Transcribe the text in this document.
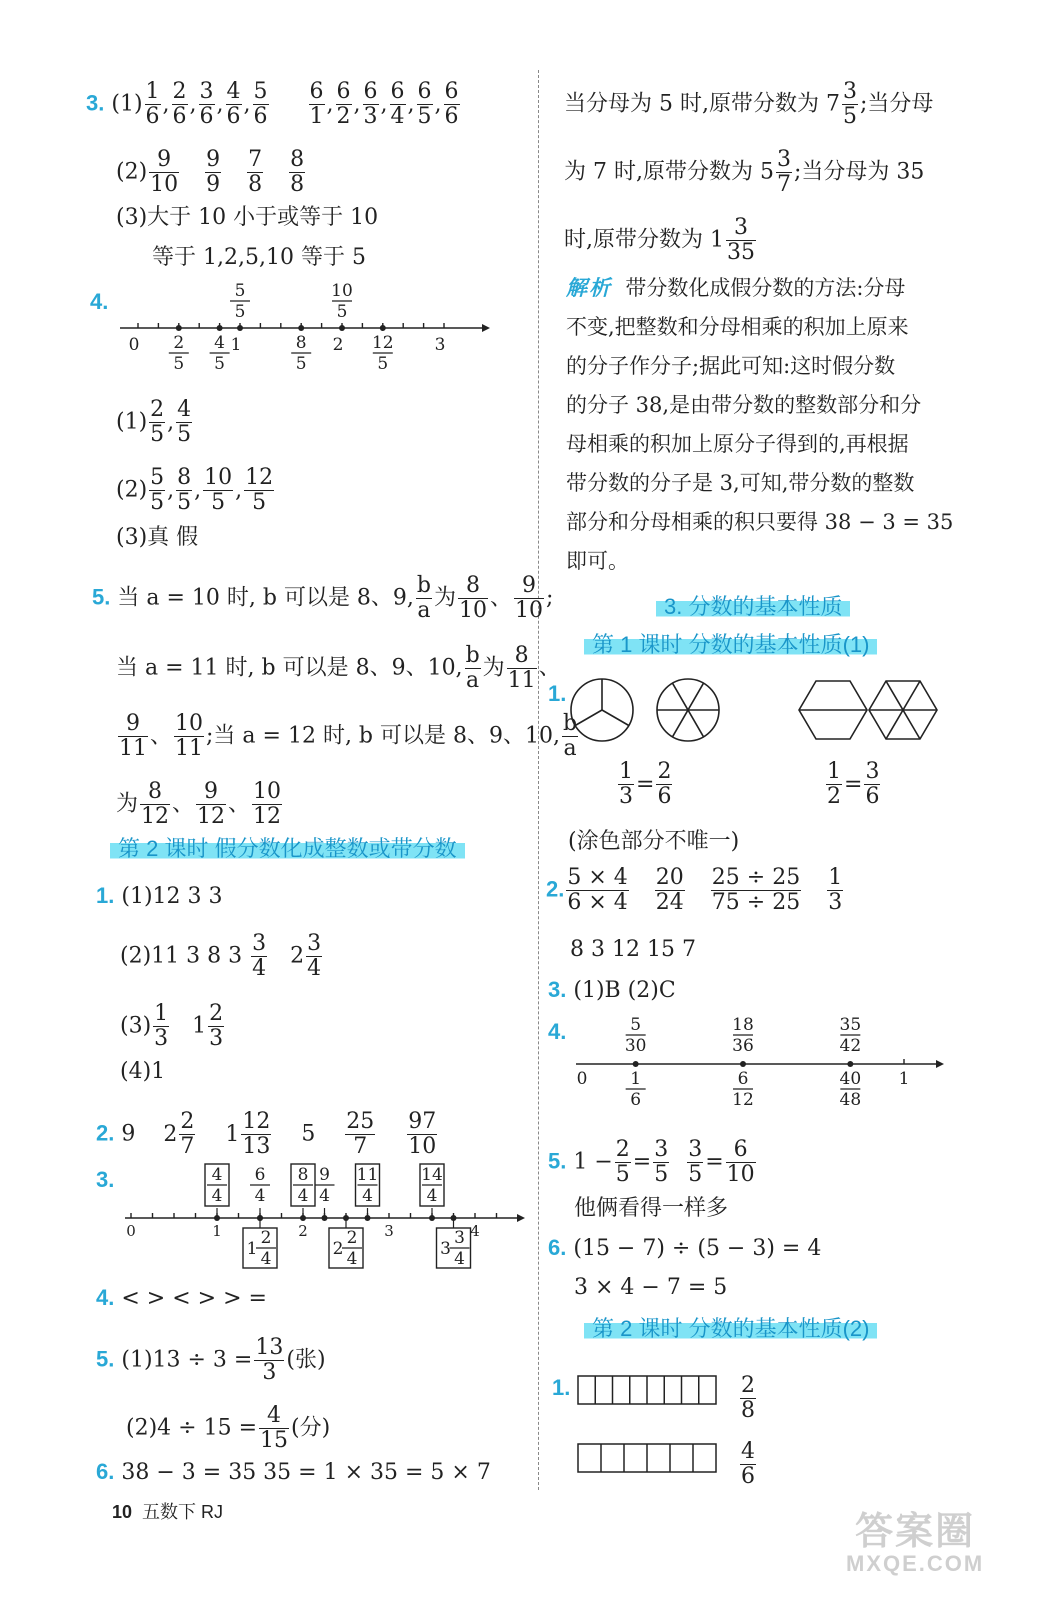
3. $(1) \frac{1}{6}$ , $\frac{2}{6}$ , $\frac{3}{6}$ , $\frac{4}{6}$ , $\frac{5}{6}$
$\frac{6}{1}$ , $\frac{6}{2}$ , $\frac{6}{3}$ , $\frac{6}{4}$ , $\frac{6}{5}$ , $\frac{6}{6}$
$(2) \frac{9}{10} \frac{9}{9} \frac{7}{8} \frac{8}{8}$
(3)大于 10 小于或等于 10
等于 1,2,5,10 等于 5
4.
0	1	2	3
5
5
10
5
2
5
4
5
8
5
12
5
$(1) \frac{2}{5}$ , $\frac{4}{5}$
$(2) \frac{5}{5}$ , $\frac{8}{5}$ , $\frac{10}{5}$ , $\frac{12}{5}$
(3)真 假
5. 当 a = 10 时, b 可以是 8、9, $\frac{b}{a}$ 为 $\frac{8}{10}$ 、 $\frac{9}{10}$ ;
当 a = 11 时, b 可以是 8、9、10, $\frac{b}{a}$ 为 $\frac{8}{11}$ 、
$\frac{9}{11}$ 、 $\frac{10}{11}$ ;当 a = 12 时, b 可以是 8、9、10, $\frac{b}{a}$
为 $\frac{8}{12}$ 、 $\frac{9}{12}$ 、 $\frac{10}{12}$
第 2 课时 假分数化成整数或带分数
1. (1)12 3 3
(2)11 3 8 $3 \frac{3}{4} 2 \frac{3}{4}$
$(3) \frac{1}{3} 1 \frac{2}{3}$
(4)1
2. 9 $2 \frac{2}{7} 1 \frac{12}{13} 5 \frac{25}{7}$
$\frac{97}{10}$
3.
0	1	2	3	4
4
4
6
4
8
4
9
4
11
4
14
4
1
2
4	2
2
4	3
3
4
4. < > < > > =
5. $(1)13 \div 3 = \frac{13}{3}$ (张)
$(2)4 \div 15 = \frac{4}{15}$ (分)
6. 38 − 3 = 35 35 = 1 × 35 = 5 × 7
10 五数下 RJ
当分母为 5 时,原带分数为 $7 \frac{3}{5}$ ;当分母
为 7 时,原带分数为 $5 \frac{3}{7}$ ;当分母为 35
时,原带分数为 $1 \frac{3}{35}$
解析 带分数化成假分数的方法:分母
不变,把整数和分母相乘的积加上原来
的分子作分子;据此可知:这时假分数
的分子 38,是由带分数的整数部分和分
母相乘的积加上原分子得到的,再根据
带分数的分子是 3,可知,带分数的整数
部分和分母相乘的积只要得 38 − 3 = 35
即可。
3. 分数的基本性质
第 1 课时 分数的基本性质(1)
1.
$\frac{1}{3} = \frac{2}{6}$	$\frac{1}{2} = \frac{3}{6}$
(涂色部分不唯一)
2. $\frac{5 \times 4}{6 \times 4} \frac{20}{24} \frac{25 \div 25}{75 \div 25} \frac{1}{3}$
8 3 12 15 7
3. (1)B (2)C
4.
0	1
5
30
18
36
35
42
1
6
6
12
40
48
5. $1 - \frac{2}{5} = \frac{3}{5}$
$\frac{3}{5} = \frac{6}{10}$
他俩看得一样多
6. (15 − 7) ÷ (5 − 3) = 4
3 × 4 − 7 = 5
第 2 课时 分数的基本性质(2)
1.	$\frac{2}{8}$
$\frac{4}{6}$
答案圈
MXQE.COM
